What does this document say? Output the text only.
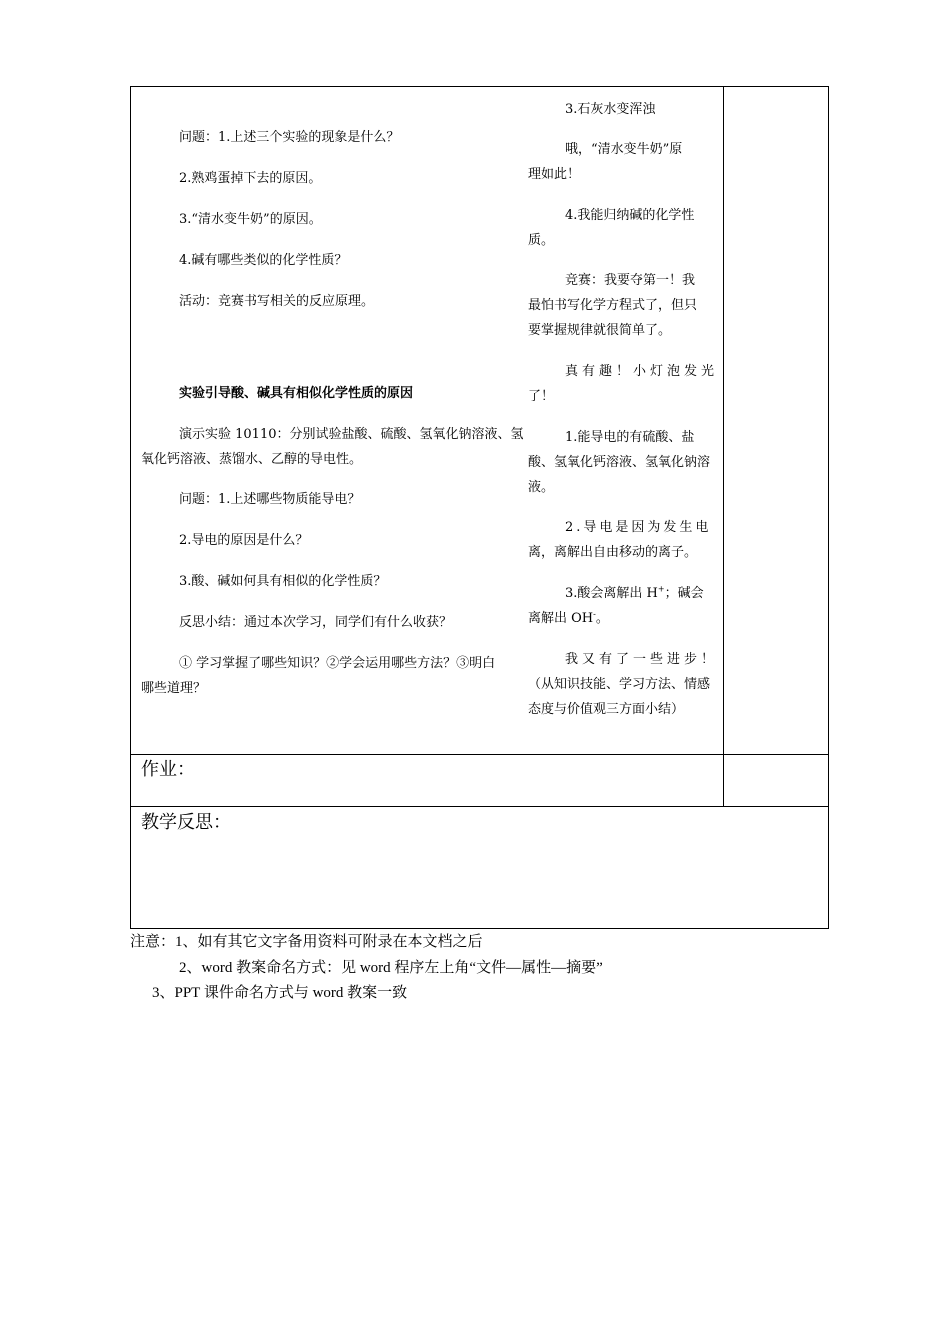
问题：1.上述三个实验的现象是什么？
2.熟鸡蛋掉下去的原因。
3.“清水变牛奶”的原因。
4.碱有哪些类似的化学性质？
活动：竞赛书写相关的反应原理。
实验引导酸、碱具有相似化学性质的原因
演示实验 10110：分别试验盐酸、硫酸、氢氧化钠溶液、氢
氧化钙溶液、蒸馏水、乙醇的导电性。
问题：1.上述哪些物质能导电？
2.导电的原因是什么？
3.酸、碱如何具有相似的化学性质？
反思小结：通过本次学习，同学们有什么收获？
① 学习掌握了哪些知识？②学会运用哪些方法？③明白
哪些道理？
3.石灰水变浑浊
哦，“清水变牛奶”原
理如此！
4.我能归纳碱的化学性
质。
竞赛：我要夺第一！我
最怕书写化学方程式了，但只
要掌握规律就很简单了。
真有趣！小灯泡发光
了！
1.能导电的有硫酸、盐
酸、氢氧化钙溶液、氢氧化钠溶
液。
2.导电是因为发生电
离，离解出自由移动的离子。
3.酸会离解出 H+；碱会
离解出 OH-。
我又有了一些进步！
（从知识技能、学习方法、情感
态度与价值观三方面小结）
作业：
教学反思：
注意：1、如有其它文字备用资料可附录在本文档之后
2、word 教案命名方式：见 word 程序左上角“文件—属性—摘要”
3、PPT 课件命名方式与 word 教案一致
